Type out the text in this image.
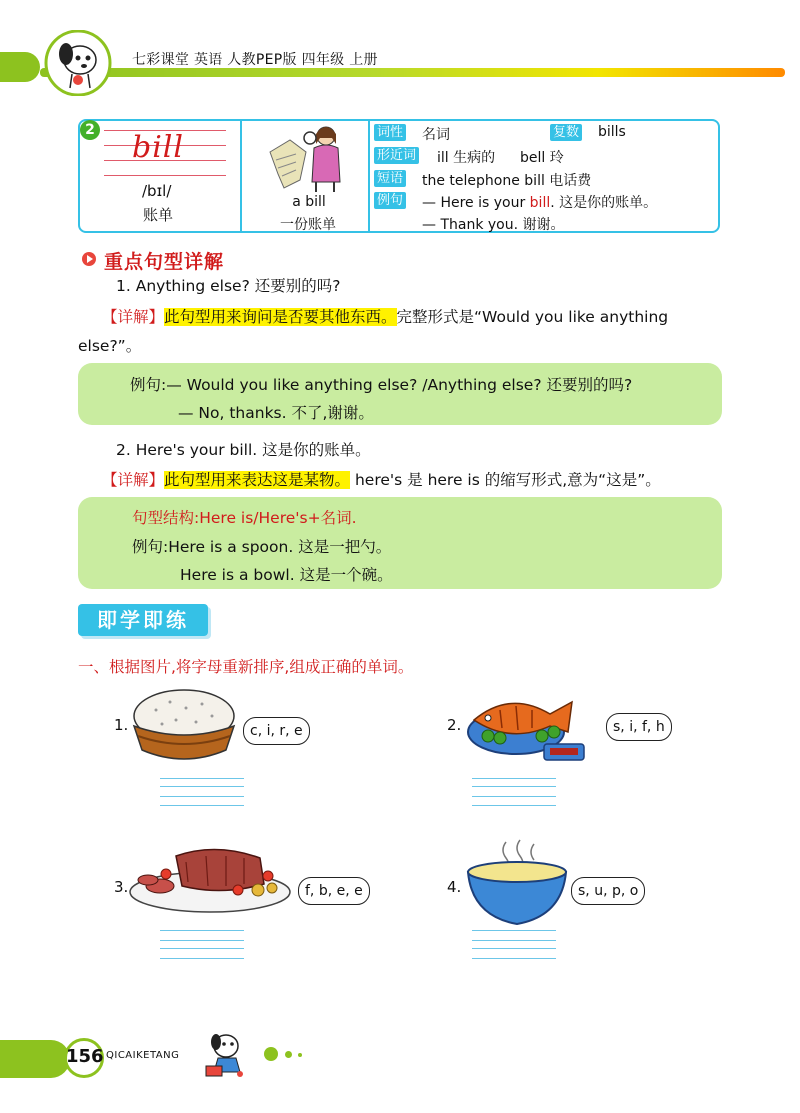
七彩课堂 英语 人教PEP版 四年级 上册
2 bill
/bɪl/
账单
a bill
一份账单
词性 名词	复数 bills
形近词 ill 生病的 bell 玲
短语 the telephone bill 电话费
例句 — Here is your bill. 这是你的账单。
— Thank you. 谢谢。
重点句型详解
1. Anything else? 还要别的吗?
【详解】此句型用来询问是否要其他东西。完整形式是“Would you like anything
else?”。
例句:— Would you like anything else? /Anything else? 还要别的吗?
— No, thanks. 不了,谢谢。
2. Here's your bill. 这是你的账单。
【详解】此句型用来表达这是某物。 here's 是 here is 的缩写形式,意为“这是”。
句型结构:Here is/Here's+名词.
例句:Here is a spoon. 这是一把勺。
Here is a bowl. 这是一个碗。
即学即练
一、根据图片,将字母重新排序,组成正确的单词。
1.	c, i, r, e	2.	s, i, f, h
3.	f, b, e, e	4.	s, u, p, o
156 QICAIKETANG
